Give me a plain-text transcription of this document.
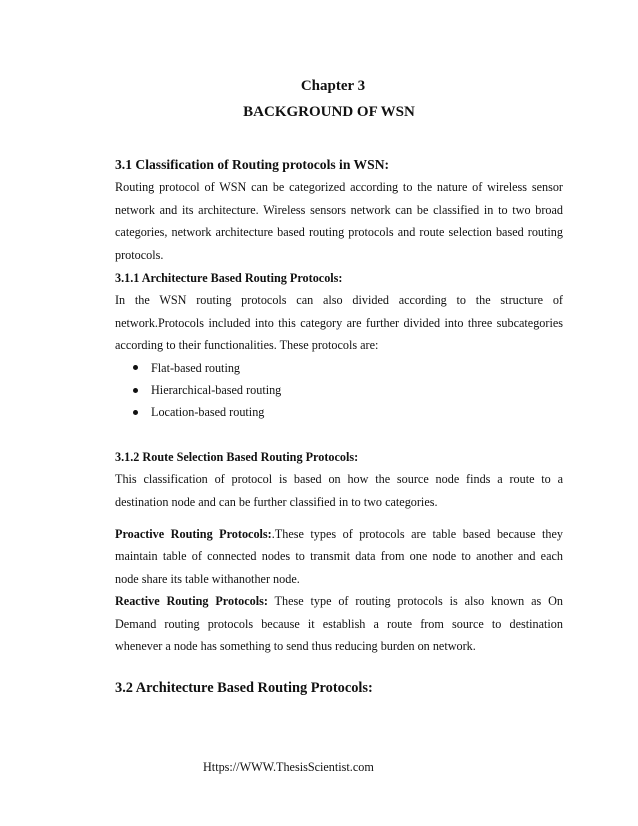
Chapter 3
BACKGROUND OF WSN
3.1 Classification of Routing protocols in WSN:
Routing protocol of WSN can be categorized according to the nature of wireless sensor
network and its architecture. Wireless sensors network can be classified in to two broad
categories, network architecture based routing protocols and route selection based routing
protocols.
3.1.1 Architecture Based Routing Protocols:
In the WSN routing protocols can also divided according to the structure of
network.Protocols included into this category are further divided into three subcategories
according to their functionalities. These protocols are:
Flat-based routing
Hierarchical-based routing
Location-based routing
3.1.2 Route Selection Based Routing Protocols:
This classification of protocol is based on how the source node finds a route to a
destination node and can be further classified in to two categories.
Proactive Routing Protocols:.These types of protocols are table based because they
maintain table of connected nodes to transmit data from one node to another and each
node share its table withanother node.
Reactive Routing Protocols: These type of routing protocols is also known as On
Demand routing protocols because it establish a route from source to destination
whenever a node has something to send thus reducing burden on network.
3.2 Architecture Based Routing Protocols:
Https://WWW.ThesisScientist.com
